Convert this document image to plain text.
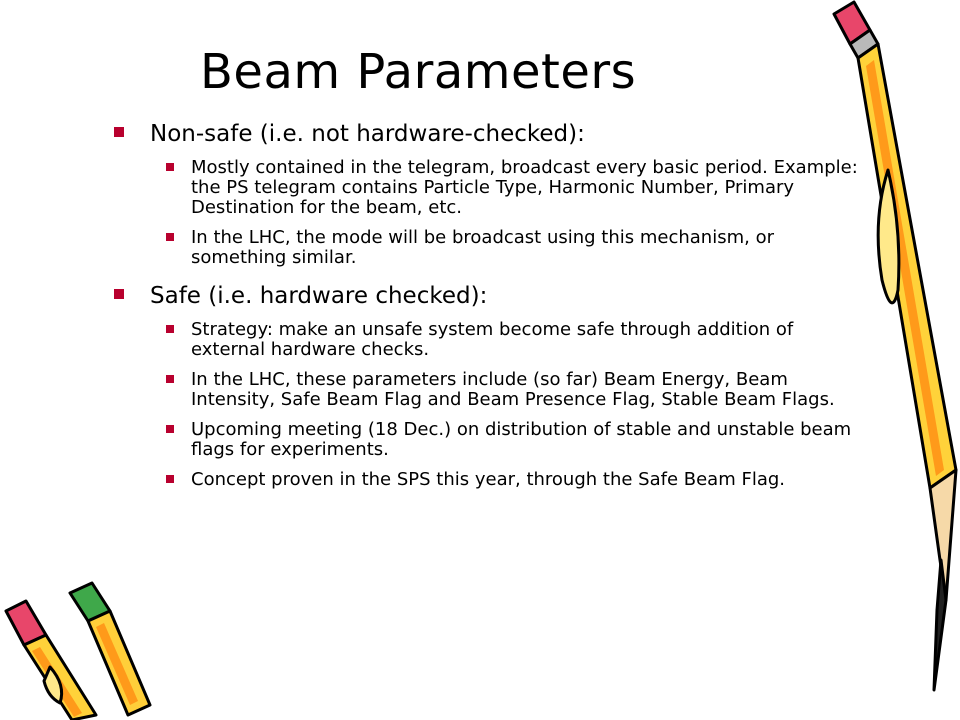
Beam Parameters
Non-safe (i.e. not hardware-checked):
Mostly contained in the telegram, broadcast every basic period. Example: the PS telegram contains Particle Type, Harmonic Number, Primary Destination for the beam, etc.
In the LHC, the mode will be broadcast using this mechanism, or something similar.
Safe (i.e. hardware checked):
Strategy: make an unsafe system become safe through addition of external hardware checks.
In the LHC, these parameters include (so far) Beam Energy, Beam Intensity, Safe Beam Flag and Beam Presence Flag, Stable Beam Flags.
Upcoming meeting (18 Dec.) on distribution of stable and unstable beam flags for experiments.
Concept proven in the SPS this year, through the Safe Beam Flag.
